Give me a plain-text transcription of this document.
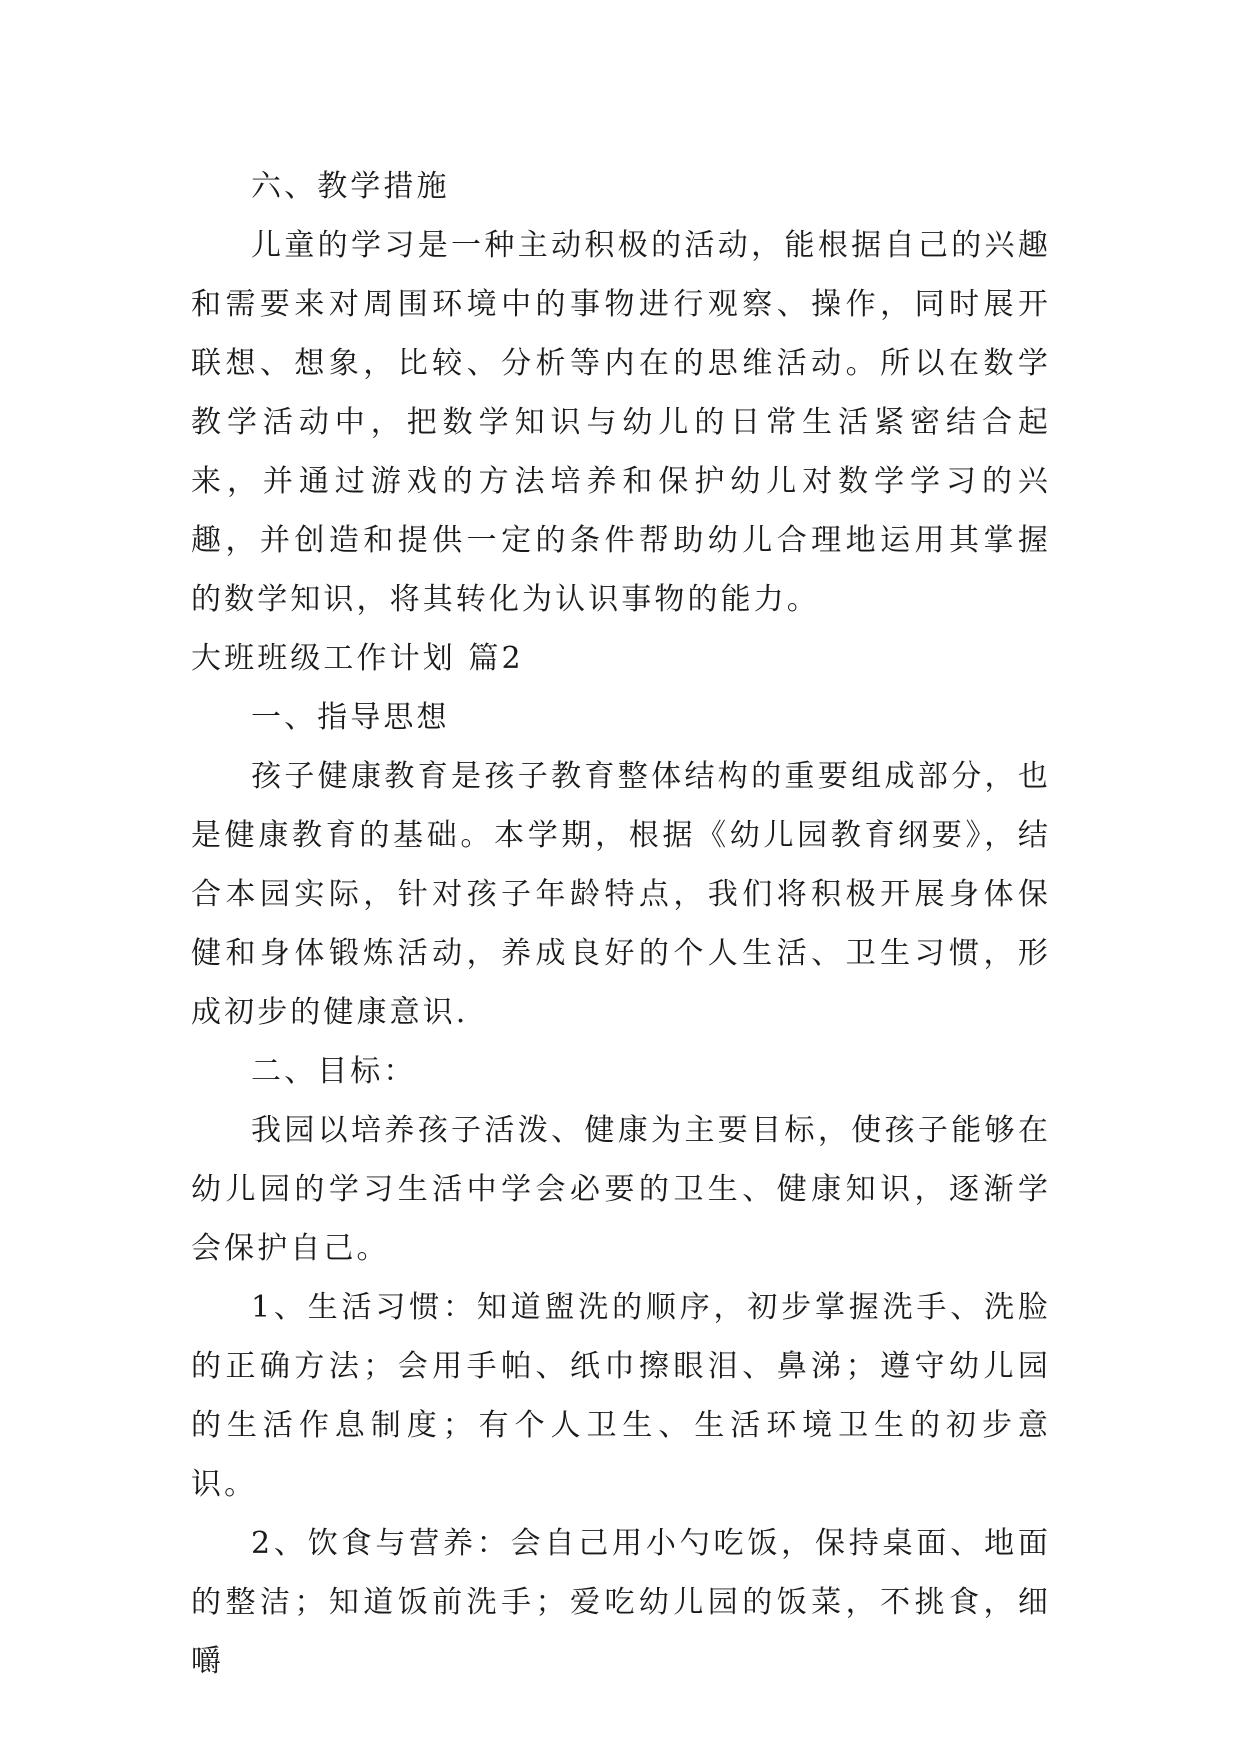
六、教学措施

儿童的学习是一种主动积极的活动，能根据自己的兴趣和需要来对周围环境中的事物进行观察、操作，同时展开联想、想象，比较、分析等内在的思维活动。所以在数学教学活动中，把数学知识与幼儿的日常生活紧密结合起来，并通过游戏的方法培养和保护幼儿对数学学习的兴趣，并创造和提供一定的条件帮助幼儿合理地运用其掌握的数学知识，将其转化为认识事物的能力。

大班班级工作计划 篇2

一、指导思想

孩子健康教育是孩子教育整体结构的重要组成部分，也是健康教育的基础。本学期，根据《幼儿园教育纲要》，结合本园实际，针对孩子年龄特点，我们将积极开展身体保健和身体锻炼活动，养成良好的个人生活、卫生习惯，形成初步的健康意识.

二、目标：

我园以培养孩子活泼、健康为主要目标，使孩子能够在幼儿园的学习生活中学会必要的卫生、健康知识，逐渐学会保护自己。

1、生活习惯：知道盥洗的顺序，初步掌握洗手、洗脸的正确方法；会用手帕、纸巾擦眼泪、鼻涕；遵守幼儿园的生活作息制度；有个人卫生、生活环境卫生的初步意识。

2、饮食与营养：会自己用小勺吃饭，保持桌面、地面的整洁；知道饭前洗手；爱吃幼儿园的饭菜，不挑食，细嚼
